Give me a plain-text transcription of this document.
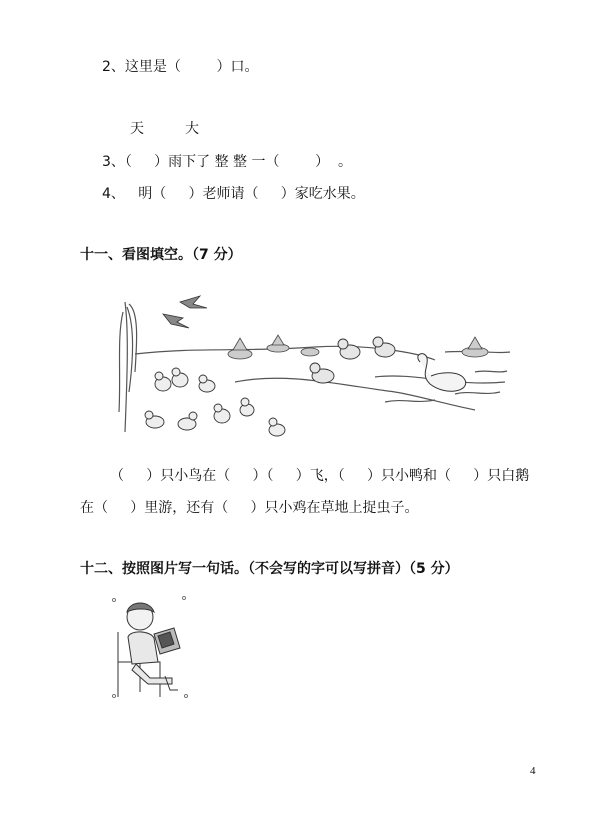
2、这里是（        ）口。
天	大
3、（     ）雨下了 整 整 一（        ）  。
4、   明（     ）老师请（     ）家吃水果。
十一、看图填空。（7 分）
（     ）只小鸟在（     ）（     ）飞，（     ）只小鸭和（     ）只白鹅
在（     ）里游，还有（     ）只小鸡在草地上捉虫子。
十二、按照图片写一句话。（不会写的字可以写拼音）（5 分）
4
